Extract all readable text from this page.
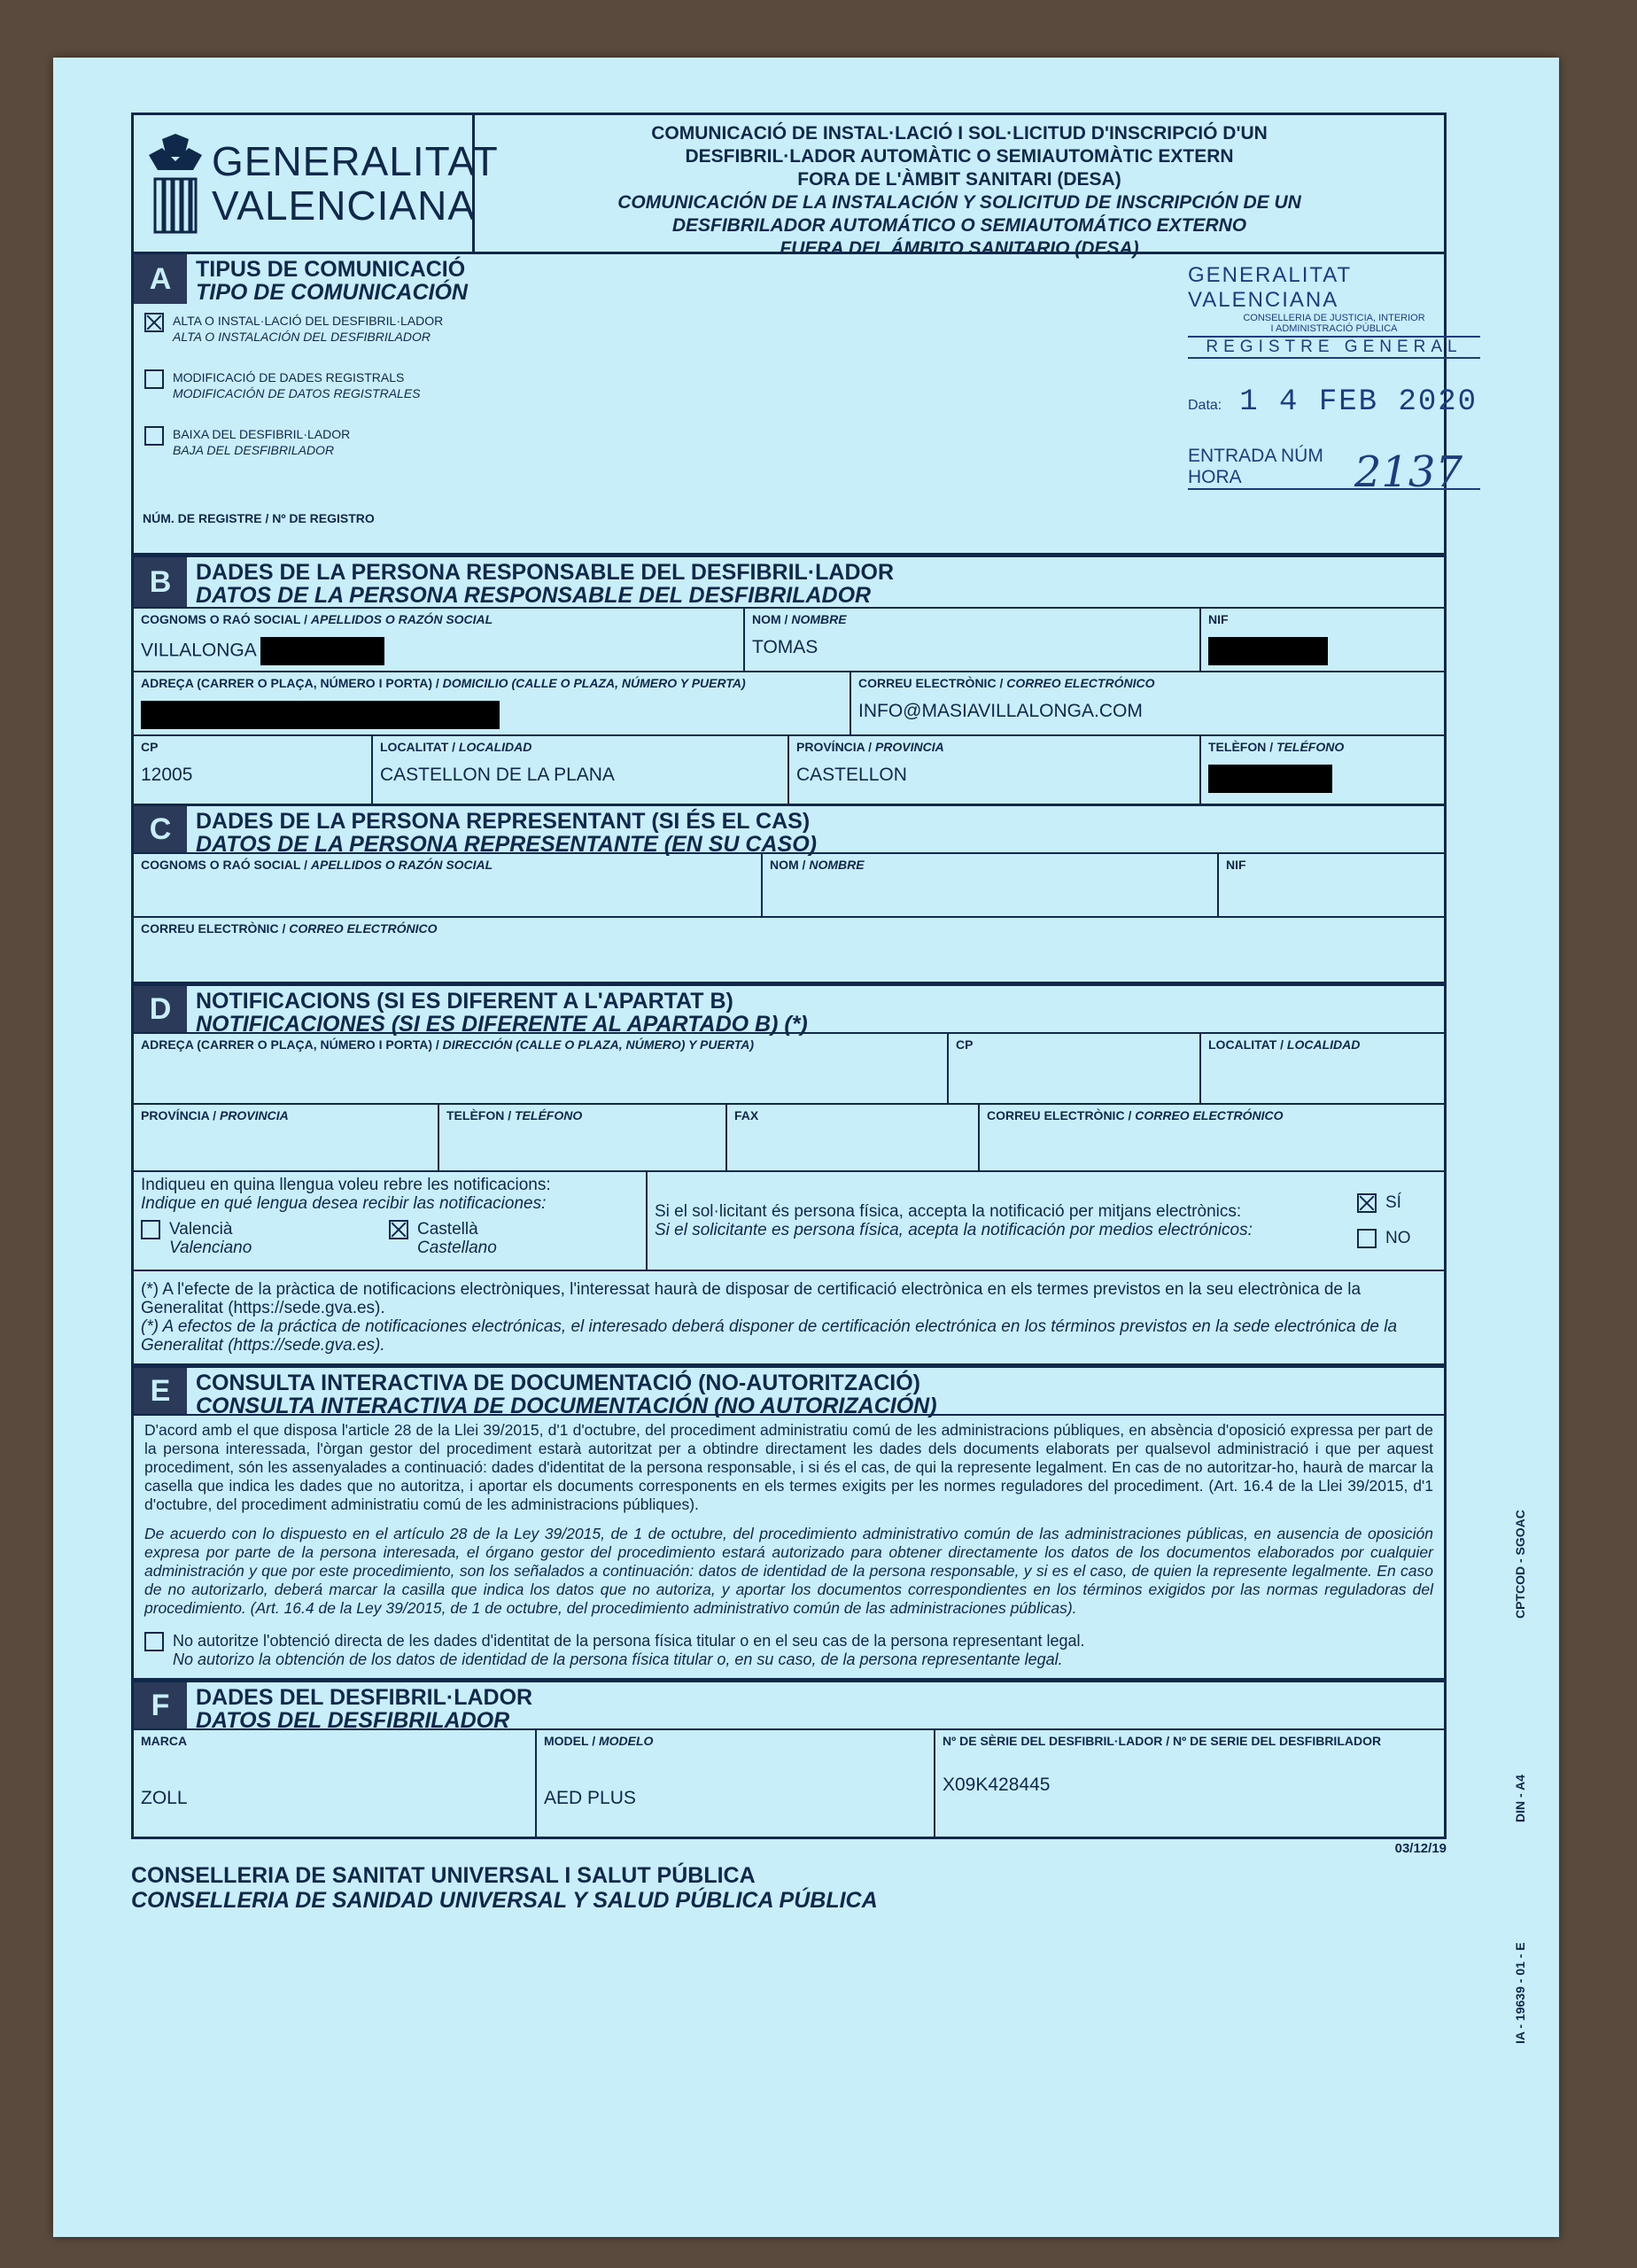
GENERALITAT
VALENCIANA
COMUNICACIÓ DE INSTAL·LACIÓ I SOL·LICITUD D'INSCRIPCIÓ D'UN
DESFIBRIL·LADOR AUTOMÀTIC O SEMIAUTOMÀTIC EXTERN
FORA DE L'ÀMBIT SANITARI (DESA)
COMUNICACIÓN DE LA INSTALACIÓN Y SOLICITUD DE INSCRIPCIÓN DE UN
DESFIBRILADOR AUTOMÁTICO O SEMIAUTOMÁTICO EXTERNO
FUERA DEL ÁMBITO SANITARIO (DESA)
A	TIPUS DE COMUNICACIÓ
TIPO DE COMUNICACIÓN
ALTA O INSTAL·LACIÓ DEL DESFIBRIL·LADOR
ALTA O INSTALACIÓN DEL DESFIBRILADOR
MODIFICACIÓ DE DADES REGISTRALS
MODIFICACIÓN DE DATOS REGISTRALES
BAIXA DEL DESFIBRIL·LADOR
BAJA DEL DESFIBRILADOR
NÚM. DE REGISTRE / Nº DE REGISTRO
GENERALITAT VALENCIANA
CONSELLERIA DE JUSTICIA, INTERIOR
I ADMINISTRACIÓ PÚBLICA
REGISTRE GENERAL
Data: 1 4 FEB 2020
ENTRADA NÚM
HORA	2137
B	DADES DE LA PERSONA RESPONSABLE DEL DESFIBRIL·LADOR
DATOS DE LA PERSONA RESPONSABLE DEL DESFIBRILADOR
COGNOMS O RAÓ SOCIAL / APELLIDOS O RAZÓN SOCIAL
VILLALONGA
NOM / NOMBRE
TOMAS
NIF
ADREÇA (CARRER O PLAÇA, NÚMERO I PORTA) / DOMICILIO (CALLE O PLAZA, NÚMERO Y PUERTA)	CORREU ELECTRÒNIC / CORREO ELECTRÓNICO
INFO@MASIAVILLALONGA.COM
CP
12005
LOCALITAT / LOCALIDAD
CASTELLON DE LA PLANA
PROVÍNCIA / PROVINCIA
CASTELLON
TELÈFON / TELÉFONO
C	DADES DE LA PERSONA REPRESENTANT (SI ÉS EL CAS)
DATOS DE LA PERSONA REPRESENTANTE (EN SU CASO)
COGNOMS O RAÓ SOCIAL / APELLIDOS O RAZÓN SOCIAL	NOM / NOMBRE	NIF
CORREU ELECTRÒNIC / CORREO ELECTRÓNICO
D	NOTIFICACIONS (SI ES DIFERENT A L'APARTAT B)
NOTIFICACIONES (SI ES DIFERENTE AL APARTADO B) (*)
ADREÇA (CARRER O PLAÇA, NÚMERO I PORTA) / DIRECCIÓN (CALLE O PLAZA, NÚMERO) Y PUERTA)	CP	LOCALITAT / LOCALIDAD
PROVÍNCIA / PROVINCIA	TELÈFON / TELÉFONO	FAX	CORREU ELECTRÒNIC / CORREO ELECTRÓNICO
Indiqueu en quina llengua voleu rebre les notificacions:
Indique en qué lengua desea recibir las notificaciones:
Valencià
Valenciano
Castellà
Castellano
Si el sol·licitant és persona física, accepta la notificació per mitjans electrònics:
Si el solicitante es persona física, acepta la notificación por medios electrónicos:
SÍ
NO
(*) A l'efecte de la pràctica de notificacions electròniques, l'interessat haurà de disposar de certificació electrònica en els termes previstos en la seu electrònica de la Generalitat (https://sede.gva.es).
(*) A efectos de la práctica de notificaciones electrónicas, el interesado deberá disponer de certificación electrónica en los términos previstos en la sede electrónica de la Generalitat (https://sede.gva.es).
E	CONSULTA INTERACTIVA DE DOCUMENTACIÓ (NO-AUTORITZACIÓ)
CONSULTA INTERACTIVA DE DOCUMENTACIÓN (NO AUTORIZACIÓN)
D'acord amb el que disposa l'article 28 de la Llei 39/2015, d'1 d'octubre, del procediment administratiu comú de les administracions públiques, en absència d'oposició expressa per part de la persona interessada, l'òrgan gestor del procediment estarà autoritzat per a obtindre directament les dades dels documents elaborats per qualsevol administració i que per aquest procediment, són les assenyalades a continuació: dades d'identitat de la persona responsable, i si és el cas, de qui la represente legalment. En cas de no autoritzar-ho, haurà de marcar la casella que indica les dades que no autoritza, i aportar els documents corresponents en els termes exigits per les normes reguladores del procediment. (Art. 16.4 de la Llei 39/2015, d'1 d'octubre, del procediment administratiu comú de les administracions públiques).
De acuerdo con lo dispuesto en el artículo 28 de la Ley 39/2015, de 1 de octubre, del procedimiento administrativo común de las administraciones públicas, en ausencia de oposición expresa por parte de la persona interesada, el órgano gestor del procedimiento estará autorizado para obtener directamente los datos de los documentos elaborados por cualquier administración y que por este procedimiento, son los señalados a continuación: datos de identidad de la persona responsable, y si es el caso, de quien la represente legalmente. En caso de no autorizarlo, deberá marcar la casilla que indica los datos que no autoriza, y aportar los documentos correspondientes en los términos exigidos por las normas reguladoras del procedimiento. (Art. 16.4 de la Ley 39/2015, de 1 de octubre, del procedimiento administrativo común de las administraciones públicas).
No autoritze l'obtenció directa de les dades d'identitat de la persona física titular o en el seu cas de la persona representant legal.
No autorizo la obtención de los datos de identidad de la persona física titular o, en su caso, de la persona representante legal.
F	DADES DEL DESFIBRIL·LADOR
DATOS DEL DESFIBRILADOR
MARCA
ZOLL
MODEL / MODELO
AED PLUS
Nº DE SÈRIE DEL DESFIBRIL·LADOR / Nº DE SERIE DEL DESFIBRILADOR
X09K428445
03/12/19
CONSELLERIA DE SANITAT UNIVERSAL I SALUT PÚBLICA
CONSELLERIA DE SANIDAD UNIVERSAL Y SALUD PÚBLICA PÚBLICA
CPTCOD - SGOAC
DIN - A4
IA - 19639 - 01 - E
